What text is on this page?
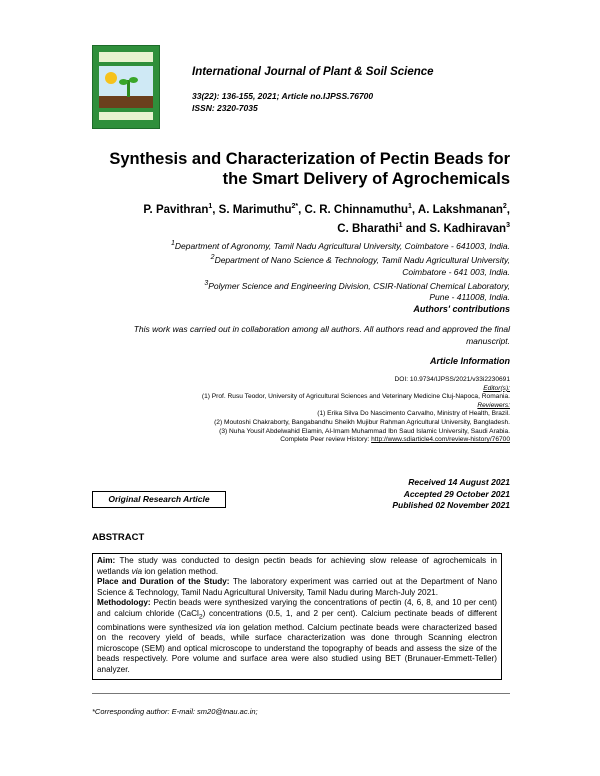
International Journal of Plant & Soil Science
33(22): 136-155, 2021; Article no.IJPSS.76700
ISSN: 2320-7035
Synthesis and Characterization of Pectin Beads for
the Smart Delivery of Agrochemicals
P. Pavithran$^1$, S. Marimuthu$^{2*}$, C. R. Chinnamuthu$^1$, A. Lakshmanan$^2$,
C. Bharathi$^1$ and S. Kadhiravan$^3$
$^1$Department of Agronomy, Tamil Nadu Agricultural University, Coimbatore - 641003, India.
$^2$Department of Nano Science & Technology, Tamil Nadu Agricultural University,
Coimbatore - 641 003, India.
$^3$Polymer Science and Engineering Division, CSIR-National Chemical Laboratory,
Pune - 411008, India.
Authors' contributions
This work was carried out in collaboration among all authors. All authors read and approved the final
manuscript.
Article Information
DOI: 10.9734/IJPSS/2021/v33i2230691
Editor(s):
(1) Prof. Rusu Teodor, University of Agricultural Sciences and Veterinary Medicine Cluj-Napoca, Romania.
Reviewers:
(1) Erika Silva Do Nascimento Carvalho, Ministry of Health, Brazil.
(2) Moutoshi Chakraborty, Bangabandhu Sheikh Mujibur Rahman Agricultural University, Bangladesh.
(3) Nuha Yousif Abdelwahid Elamin, Al-Imam Muhammad Ibn Saud Islamic University, Saudi Arabia.
Complete Peer review History: http://www.sdiarticle4.com/review-history/76700
Original Research Article
Received 14 August 2021
Accepted 29 October 2021
Published 02 November 2021
ABSTRACT

Aim: The study was conducted to design pectin beads for achieving slow release of agrochemicals in wetlands via ion gelation method.

Place and Duration of the Study: The laboratory experiment was carried out at the Department of Nano Science & Technology, Tamil Nadu Agricultural University, Tamil Nadu during March-July 2021.

Methodology: Pectin beads were synthesized varying the concentrations of pectin (4, 6, 8, and 10 per cent) and calcium chloride (CaCl$_2$) concentrations (0.5, 1, and 2 per cent). Calcium pectinate beads of different combinations were synthesized via ion gelation method. Calcium pectinate beads were characterized based on the recovery yield of beads, while surface characterization was done through Scanning electron microscope (SEM) and optical microscope to understand the topography of beads and assess the size of the beads respectively. Pore volume and surface area were also studied using BET (Brunauer-Emmett-Teller) analyzer.

*Corresponding author: E-mail: sm20@tnau.ac.in;
